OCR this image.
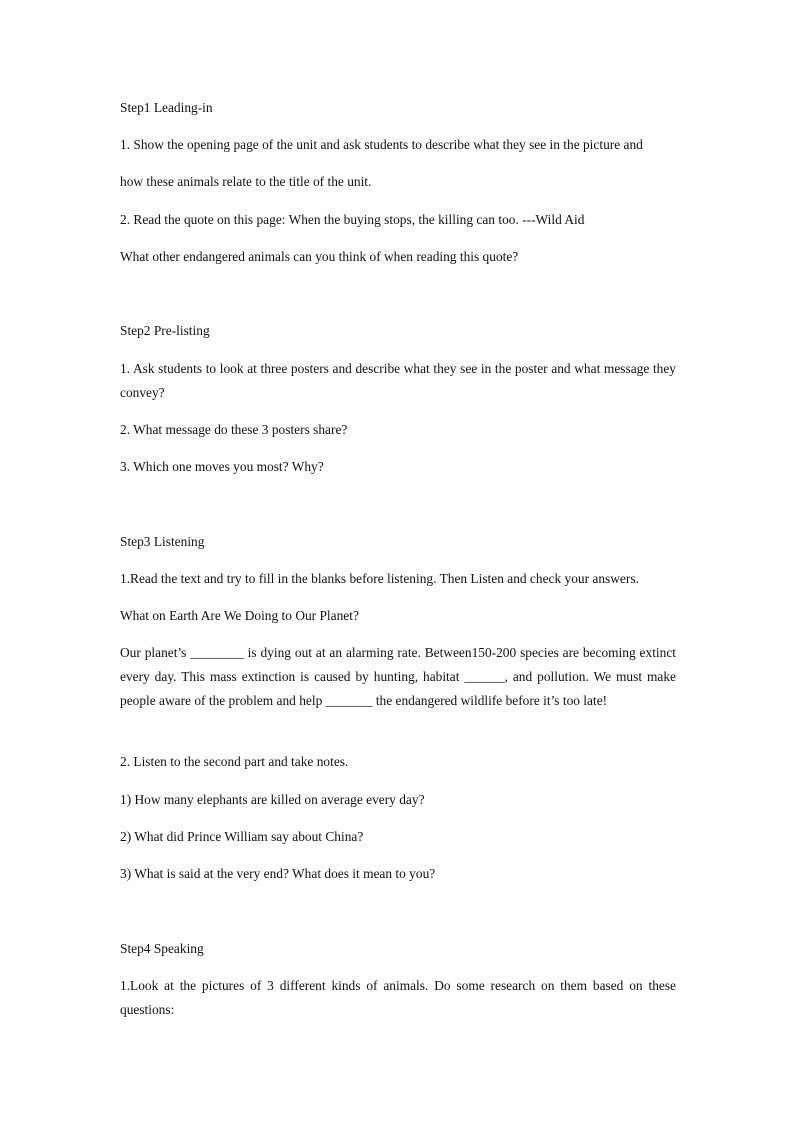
Step1 Leading-in
1. Show the opening page of the unit and ask students to describe what they see in the picture and
how these animals relate to the title of the unit.
2. Read the quote on this page: When the buying stops, the killing can too. ---Wild Aid
What other endangered animals can you think of when reading this quote?
Step2 Pre-listing
1. Ask students to look at three posters and describe what they see in the poster and what message they convey?
2. What message do these 3 posters share?
3. Which one moves you most? Why?
Step3 Listening
1.Read the text and try to fill in the blanks before listening. Then Listen and check your answers.
What on Earth Are We Doing to Our Planet?
Our planet’s ________ is dying out at an alarming rate. Between150-200 species are becoming extinct every day. This mass extinction is caused by hunting, habitat ______, and pollution. We must make people aware of the problem and help _______ the endangered wildlife before it’s too late!
2. Listen to the second part and take notes.
1) How many elephants are killed on average every day?
2) What did Prince William say about China?
3) What is said at the very end? What does it mean to you?
Step4 Speaking
1.Look at the pictures of 3 different kinds of animals. Do some research on them based on these questions:
